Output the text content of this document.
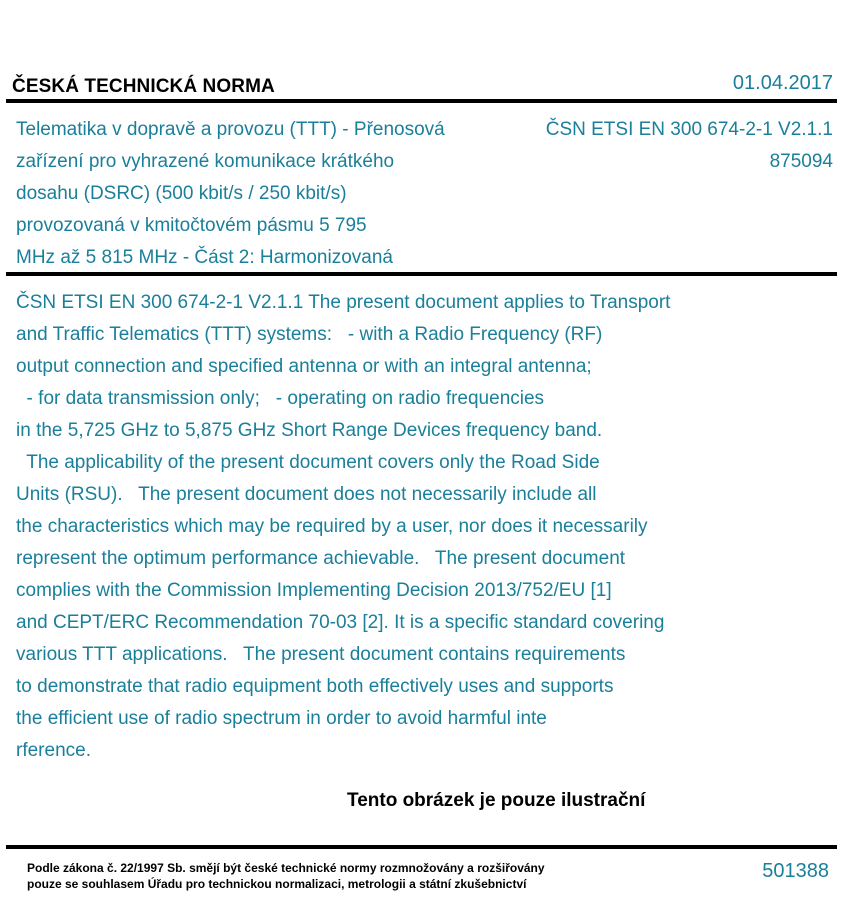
ČESKÁ TECHNICKÁ NORMA	01.04.2017
Telematika v dopravě a provozu (TTT) - Přenosová
zařízení pro vyhrazené komunikace krátkého
dosahu (DSRC) (500 kbit/s / 250 kbit/s)
provozovaná v kmitočtovém pásmu 5 795
MHz až 5 815 MHz - Část 2: Harmonizovaná
ČSN ETSI EN 300 674-2-1 V2.1.1
875094
ČSN ETSI EN 300 674-2-1 V2.1.1 The present document applies to Transport
and Traffic Telematics (TTT) systems:   - with a Radio Frequency (RF)
output connection and specified antenna or with an integral antenna;
- for data transmission only;   - operating on radio frequencies
in the 5,725 GHz to 5,875 GHz Short Range Devices frequency band.
The applicability of the present document covers only the Road Side
Units (RSU).   The present document does not necessarily include all
the characteristics which may be required by a user, nor does it necessarily
represent the optimum performance achievable.   The present document
complies with the Commission Implementing Decision 2013/752/EU [1]
and CEPT/ERC Recommendation 70-03 [2]. It is a specific standard covering
various TTT applications.   The present document contains requirements
to demonstrate that radio equipment both effectively uses and supports
the efficient use of radio spectrum in order to avoid harmful inte
rference.
Tento obrázek je pouze ilustrační
Podle zákona č. 22/1997 Sb. smějí být české technické normy rozmnožovány a rozšiřovány
pouze se souhlasem Úřadu pro technickou normalizaci, metrologii a státní zkušebnictví
501388
